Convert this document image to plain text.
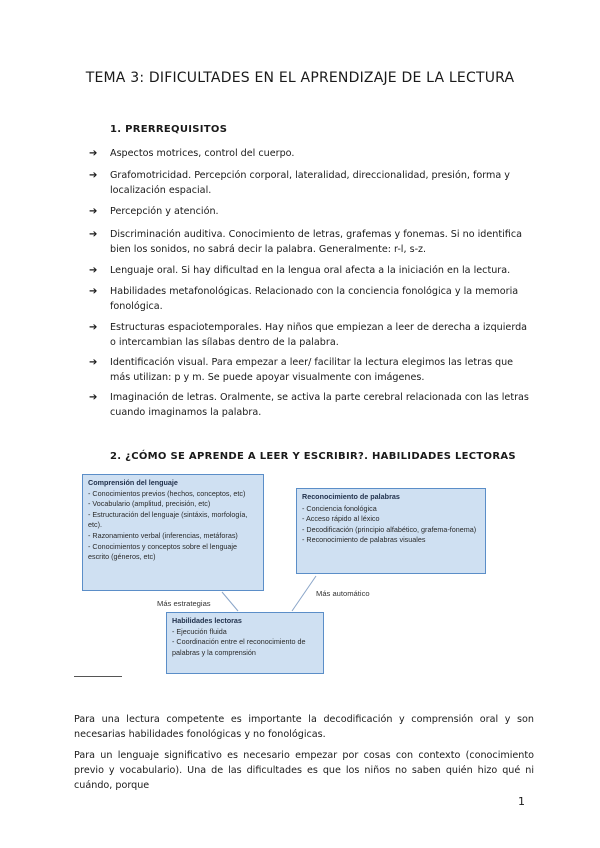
TEMA 3: DIFICULTADES EN EL APRENDIZAJE DE LA LECTURA
1. PRERREQUISITOS
➔	Aspectos motrices, control del cuerpo.
➔	Grafomotricidad. Percepción corporal, lateralidad, direccionalidad, presión, forma y localización espacial.
➔	Percepción y atención.
➔	Discriminación auditiva. Conocimiento de letras, grafemas y fonemas. Si no identifica bien los sonidos, no sabrá decir la palabra. Generalmente: r-l, s-z.
➔	Lenguaje oral. Si hay dificultad en la lengua oral afecta a la iniciación en la lectura.
➔	Habilidades metafonológicas. Relacionado con la conciencia fonológica y la memoria fonológica.
➔	Estructuras espaciotemporales. Hay niños que empiezan a leer de derecha a izquierda o intercambian las sílabas dentro de la palabra.
➔	Identificación visual. Para empezar a leer/ facilitar la lectura elegimos las letras que más utilizan: p y m. Se puede apoyar visualmente con imágenes.
➔	Imaginación de letras. Oralmente, se activa la parte cerebral relacionada con las letras cuando imaginamos la palabra.
2. ¿CÓMO SE APRENDE A LEER Y ESCRIBIR?. HABILIDADES LECTORAS
Comprensión del lenguaje
- Conocimientos previos (hechos, conceptos, etc)
- Vocabulario (amplitud, precisión, etc)
- Estructuración del lenguaje (sintáxis, morfología, etc).
- Razonamiento verbal (inferencias, metáforas)
- Conocimientos y conceptos sobre el lenguaje escrito (géneros, etc)
Reconocimiento de palabras
- Conciencia fonológica
- Acceso rápido al léxico
- Decodificación (principio alfabético, grafema-fonema)
- Reconocimiento de palabras visuales
Habilidades lectoras
- Ejecución fluida
- Coordinación entre el reconocimiento de palabras y la comprensión
Más estrategias
Más automático
Para una lectura competente es importante la decodificación y comprensión oral y son necesarias habilidades fonológicas y no fonológicas.
Para un lenguaje significativo es necesario empezar por cosas con contexto (conocimiento previo y vocabulario). Una de las dificultades es que los niños no saben quién hizo qué ni cuándo, porque
1
